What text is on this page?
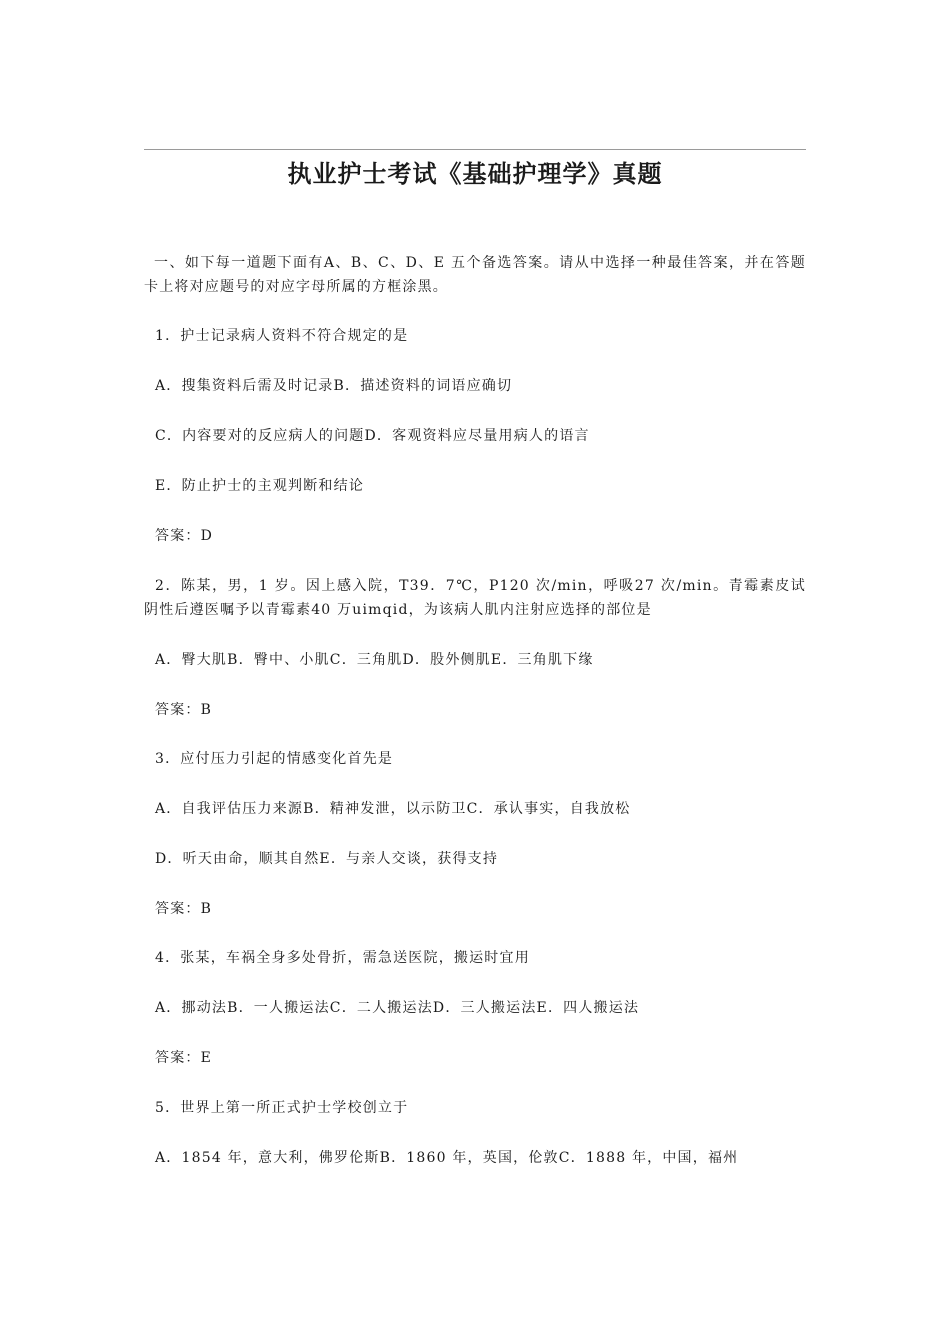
执业护士考试《基础护理学》真题
一、如下每一道题下面有A、B、C、D、E 五个备选答案。请从中选择一种最佳答案，并在答题卡上将对应题号的对应字母所属的方框涂黑。
1．护士记录病人资料不符合规定的是
A．搜集资料后需及时记录B．描述资料的词语应确切
C．内容要对的反应病人的问题D．客观资料应尽量用病人的语言
E．防止护士的主观判断和结论
答案：D
2．陈某，男，1 岁。因上感入院，T39．7℃，P120 次/min，呼吸27 次/min。青霉素皮试阴性后遵医嘱予以青霉素40 万uimqid，为该病人肌内注射应选择的部位是
A．臀大肌B．臀中、小肌C．三角肌D．股外侧肌E．三角肌下缘
答案：B
3．应付压力引起的情感变化首先是
A．自我评估压力来源B．精神发泄，以示防卫C．承认事实，自我放松
D．听天由命，顺其自然E．与亲人交谈，获得支持
答案：B
4．张某，车祸全身多处骨折，需急送医院，搬运时宜用
A．挪动法B．一人搬运法C．二人搬运法D．三人搬运法E．四人搬运法
答案：E
5．世界上第一所正式护士学校创立于
A．1854 年，意大利，佛罗伦斯B．1860 年，英国，伦敦C．1888 年，中国，福州
